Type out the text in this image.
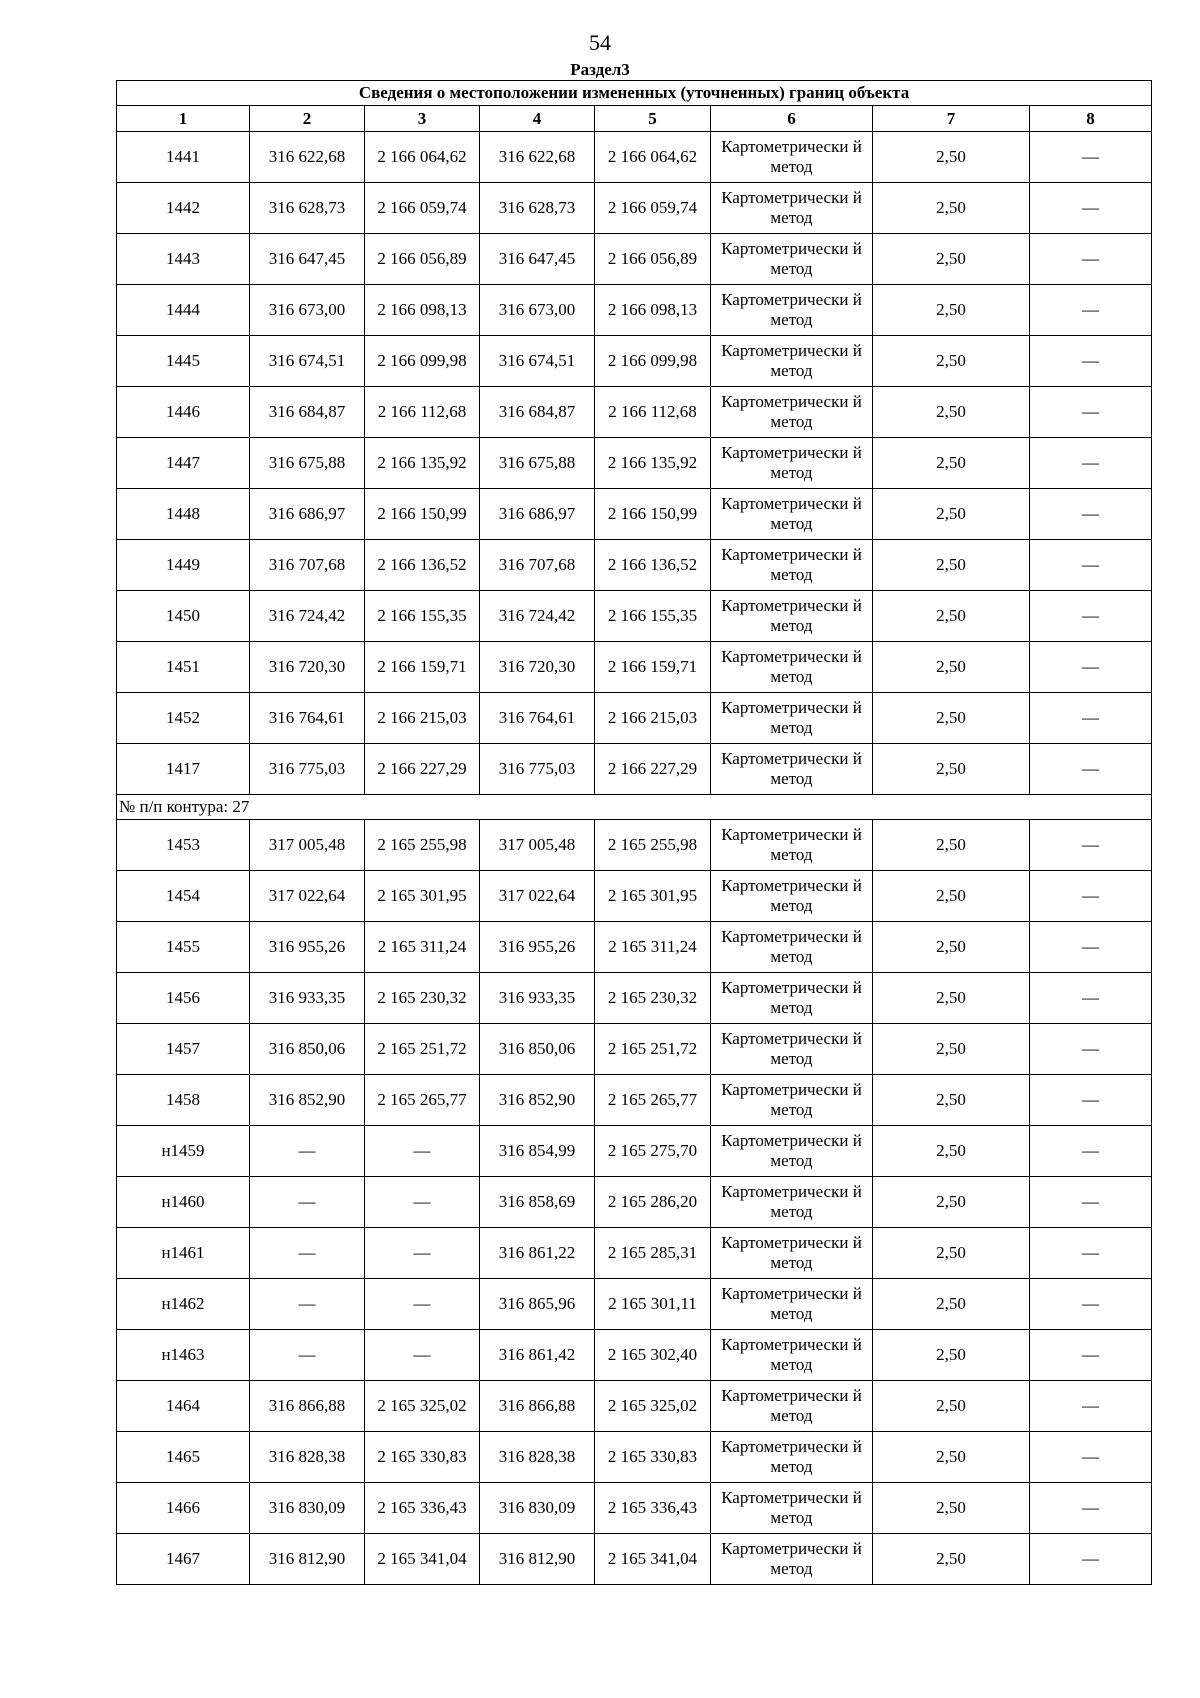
54
Раздел3
Сведения о местоположении измененных (уточненных) границ объекта							
1	2	3	4	5	6	7	8
1441	316 622,68	2 166 064,62	316 622,68	2 166 064,62	Картометрически й метод	2,50	—
1442	316 628,73	2 166 059,74	316 628,73	2 166 059,74	Картометрически й метод	2,50	—
1443	316 647,45	2 166 056,89	316 647,45	2 166 056,89	Картометрически й метод	2,50	—
1444	316 673,00	2 166 098,13	316 673,00	2 166 098,13	Картометрически й метод	2,50	—
1445	316 674,51	2 166 099,98	316 674,51	2 166 099,98	Картометрически й метод	2,50	—
1446	316 684,87	2 166 112,68	316 684,87	2 166 112,68	Картометрически й метод	2,50	—
1447	316 675,88	2 166 135,92	316 675,88	2 166 135,92	Картометрически й метод	2,50	—
1448	316 686,97	2 166 150,99	316 686,97	2 166 150,99	Картометрически й метод	2,50	—
1449	316 707,68	2 166 136,52	316 707,68	2 166 136,52	Картометрически й метод	2,50	—
1450	316 724,42	2 166 155,35	316 724,42	2 166 155,35	Картометрически й метод	2,50	—
1451	316 720,30	2 166 159,71	316 720,30	2 166 159,71	Картометрически й метод	2,50	—
1452	316 764,61	2 166 215,03	316 764,61	2 166 215,03	Картометрически й метод	2,50	—
1417	316 775,03	2 166 227,29	316 775,03	2 166 227,29	Картометрически й метод	2,50	—
№ п/п контура: 27							
1453	317 005,48	2 165 255,98	317 005,48	2 165 255,98	Картометрически й метод	2,50	—
1454	317 022,64	2 165 301,95	317 022,64	2 165 301,95	Картометрически й метод	2,50	—
1455	316 955,26	2 165 311,24	316 955,26	2 165 311,24	Картометрически й метод	2,50	—
1456	316 933,35	2 165 230,32	316 933,35	2 165 230,32	Картометрически й метод	2,50	—
1457	316 850,06	2 165 251,72	316 850,06	2 165 251,72	Картометрически й метод	2,50	—
1458	316 852,90	2 165 265,77	316 852,90	2 165 265,77	Картометрически й метод	2,50	—
н1459	—	—	316 854,99	2 165 275,70	Картометрически й метод	2,50	—
н1460	—	—	316 858,69	2 165 286,20	Картометрически й метод	2,50	—
н1461	—	—	316 861,22	2 165 285,31	Картометрически й метод	2,50	—
н1462	—	—	316 865,96	2 165 301,11	Картометрически й метод	2,50	—
н1463	—	—	316 861,42	2 165 302,40	Картометрически й метод	2,50	—
1464	316 866,88	2 165 325,02	316 866,88	2 165 325,02	Картометрически й метод	2,50	—
1465	316 828,38	2 165 330,83	316 828,38	2 165 330,83	Картометрически й метод	2,50	—
1466	316 830,09	2 165 336,43	316 830,09	2 165 336,43	Картометрически й метод	2,50	—
1467	316 812,90	2 165 341,04	316 812,90	2 165 341,04	Картометрически й метод	2,50	—
